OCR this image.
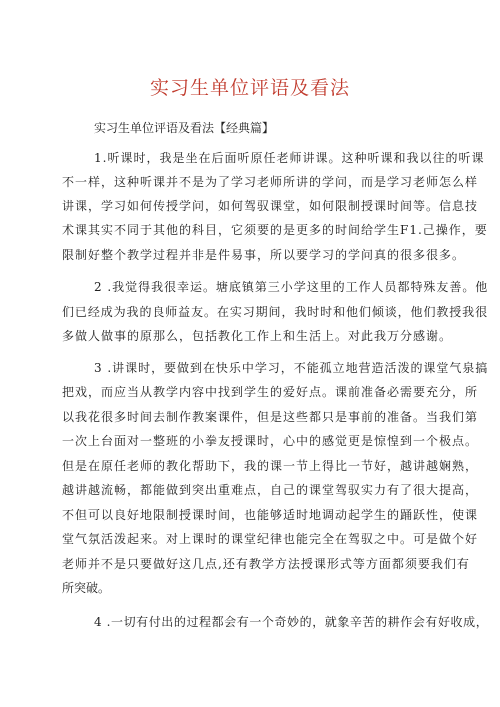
实习生单位评语及看法
实习生单位评语及看法【经典篇】
1.听课时，我是坐在后面听原任老师讲课。这种听课和我以往的听课
不一样，这种听课并不是为了学习老师所讲的学问，而是学习老师怎么样
讲课，学习如何传授学问，如何驾驭课堂，如何限制授课时间等。信息技
术课其实不同于其他的科目，它须要的是更多的时间给学生F1.己操作，要
限制好整个教学过程并非是件易事，所以要学习的学问真的很多很多。
2 .我觉得我很幸运。塘底镇第三小学这里的工作人员都特殊友善。他
们已经成为我的良师益友。在实习期间，我时时和他们倾谈，他们教授我很
多做人做事的原那么，包括教化工作上和生活上。对此我万分感谢。
3 .讲课时，要做到在快乐中学习，不能孤立地营造活泼的课堂气泉搞
把戏，而应当从教学内容中找到学生的爱好点。课前准备必需要充分，所
以我花很多时间去制作教案课件，但是这些都只是事前的准备。当我们第
一次上台面对一整班的小拳友授课时，心中的感觉更是惊惶到一个极点。
但是在原任老师的教化帮助下，我的课一节上得比一节好，越讲越娴熟，
越讲越流畅，都能做到突出重难点，自己的课堂驾驭实力有了很大提高，
不但可以良好地限制授课时间，也能够适时地调动起学生的踊跃性，使课
堂气氛活泼起来。对上课时的课堂纪律也能完全在驾驭之中。可是做个好
老师并不是只要做好这几点,还有教学方法授课形式等方面都须要我们有
所突破。
4 .一切有付出的过程都会有一个奇妙的，就象辛苦的耕作会有好收成，
